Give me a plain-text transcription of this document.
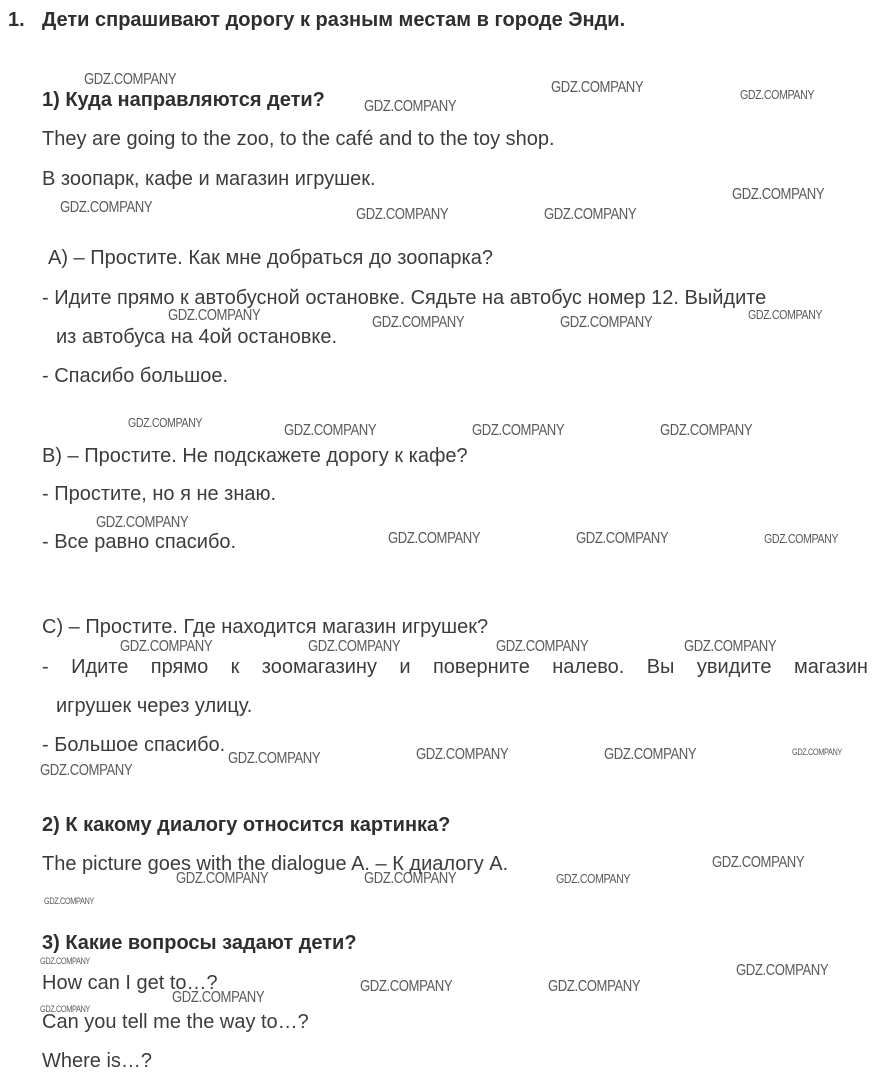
1. Дети спрашивают дорогу к разным местам в городе Энди.
1) Куда направляются дети?
They are going to the zoo, to the café and to the toy shop.
В зоопарк, кафе и магазин игрушек.
А) – Простите. Как мне добраться до зоопарка?
- Идите прямо к автобусной остановке. Сядьте на автобус номер 12. Выйдите
из автобуса на 4ой остановке.
- Спасибо большое.
В) – Простите. Не подскажете дорогу к кафе?
- Простите, но я не знаю.
- Все равно спасибо.
С) – Простите. Где находится магазин игрушек?
- Идите прямо к зоомагазину и поверните налево. Вы увидите магазин
игрушек через улицу.
- Большое спасибо.
2) К какому диалогу относится картинка?
The picture goes with the dialogue A. – К диалогу А.
3) Какие вопросы задают дети?
How can I get to…?
Can you tell me the way to…?
Where is…?
GDZ.COMPANY
GDZ.COMPANY
GDZ.COMPANY	GDZ.COMPANY
GDZ.COMPANY	GDZ.COMPANY	GDZ.COMPANY
GDZ.COMPANY
GDZ.COMPANY	GDZ.COMPANY	GDZ.COMPANY	GDZ.COMPANY
GDZ.COMPANY	GDZ.COMPANY	GDZ.COMPANY	GDZ.COMPANY
GDZ.COMPANY
GDZ.COMPANY	GDZ.COMPANY	GDZ.COMPANY
GDZ.COMPANY	GDZ.COMPANY	GDZ.COMPANY	GDZ.COMPANY
GDZ.COMPANY
GDZ.COMPANY	GDZ.COMPANY	GDZ.COMPANY	GDZ.COMPANY
GDZ.COMPANY
GDZ.COMPANY	GDZ.COMPANY	GDZ.COMPANY
GDZ.COMPANY
GDZ.COMPANY
GDZ.COMPANY
GDZ.COMPANY	GDZ.COMPANY
GDZ.COMPANY
GDZ.COMPANY
